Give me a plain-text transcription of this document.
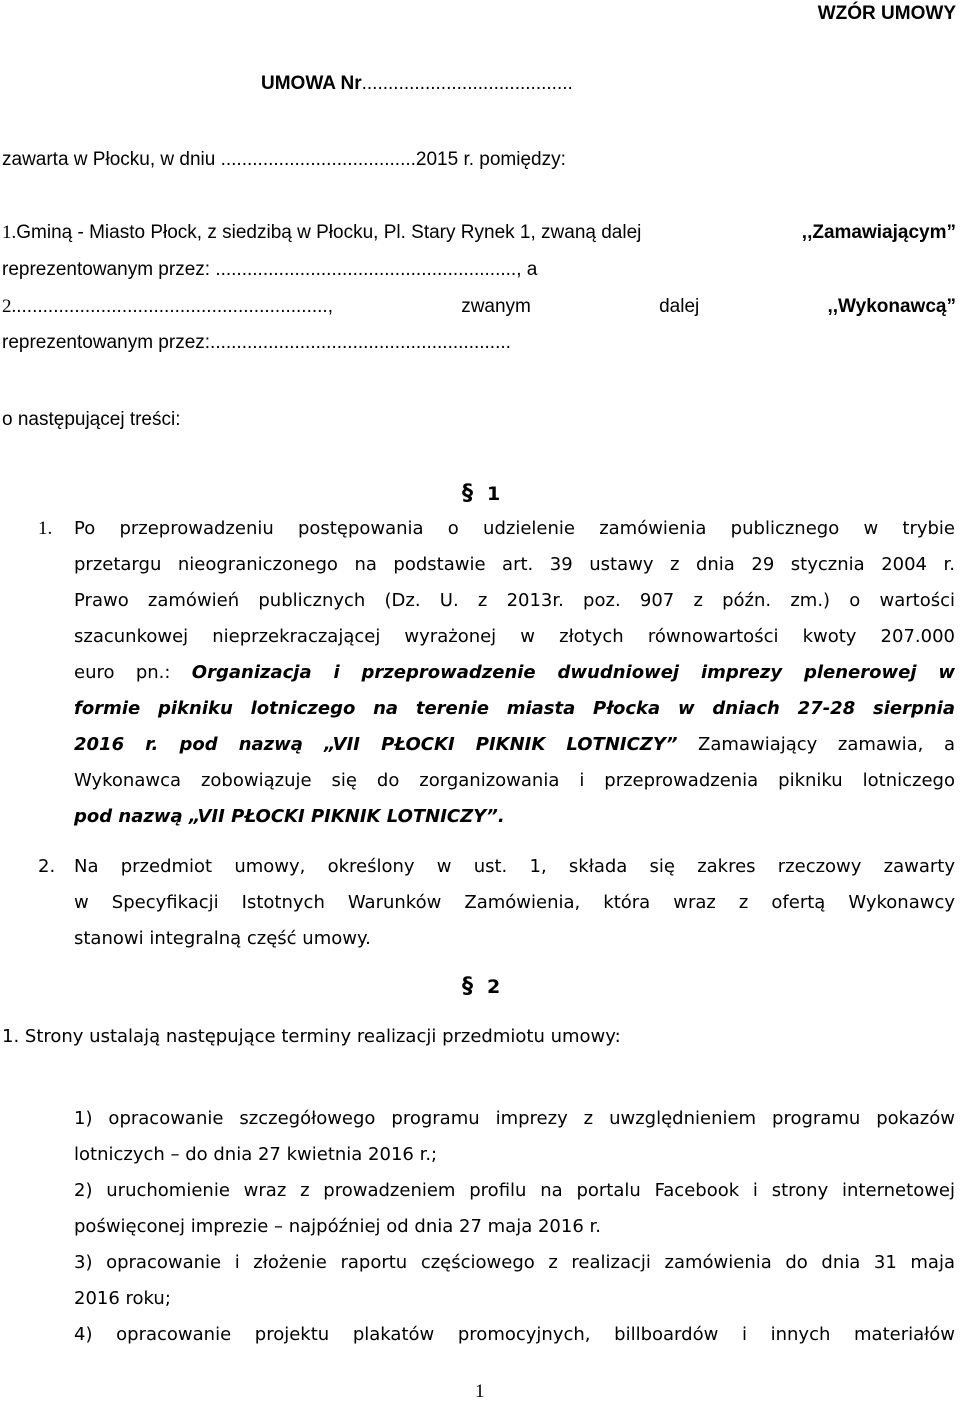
WZÓR UMOWY
UMOWA Nr........................................
zawarta w Płocku, w dniu .....................................2015 r. pomiędzy:
1.Gminą - Miasto Płock, z siedzibą w Płocku, Pl. Stary Rynek 1, zwaną dalej	,,Zamawiającym”
reprezentowanym przez: ........................................................., a
2............................................................,	zwanym	dalej	,,Wykonawcą”
reprezentowanym przez:.........................................................
o następującej treści:
§ 1
1. Po przeprowadzeniu postępowania o udzielenie zamówienia publicznego w trybie
przetargu nieograniczonego na podstawie art. 39 ustawy z dnia 29 stycznia 2004 r.
Prawo zamówień publicznych (Dz. U. z 2013r. poz. 907 z późn. zm.) o wartości
szacunkowej nieprzekraczającej wyrażonej w złotych równowartości kwoty 207.000
euro pn.: Organizacja i przeprowadzenie dwudniowej imprezy plenerowej w
formie pikniku lotniczego na terenie miasta Płocka w dniach 27-28 sierpnia
2016 r. pod nazwą „VII PŁOCKI PIKNIK LOTNICZY” Zamawiający zamawia, a
Wykonawca zobowiązuje się do zorganizowania i przeprowadzenia pikniku lotniczego
pod nazwą „VII PŁOCKI PIKNIK LOTNICZY”.
2. Na przedmiot umowy, określony w ust. 1, składa się zakres rzeczowy zawarty
w Specyfikacji Istotnych Warunków Zamówienia, która wraz z ofertą Wykonawcy
stanowi integralną część umowy.
§ 2
1. Strony ustalają następujące terminy realizacji przedmiotu umowy:
1) opracowanie szczegółowego programu imprezy z uwzględnieniem programu pokazów
lotniczych – do dnia 27 kwietnia 2016 r.;
2) uruchomienie wraz z prowadzeniem profilu na portalu Facebook i strony internetowej
poświęconej imprezie – najpóźniej od dnia 27 maja 2016 r.
3) opracowanie i złożenie raportu częściowego z realizacji zamówienia do dnia 31 maja
2016 roku;
4) opracowanie projektu plakatów promocyjnych, billboardów i innych materiałów
1
